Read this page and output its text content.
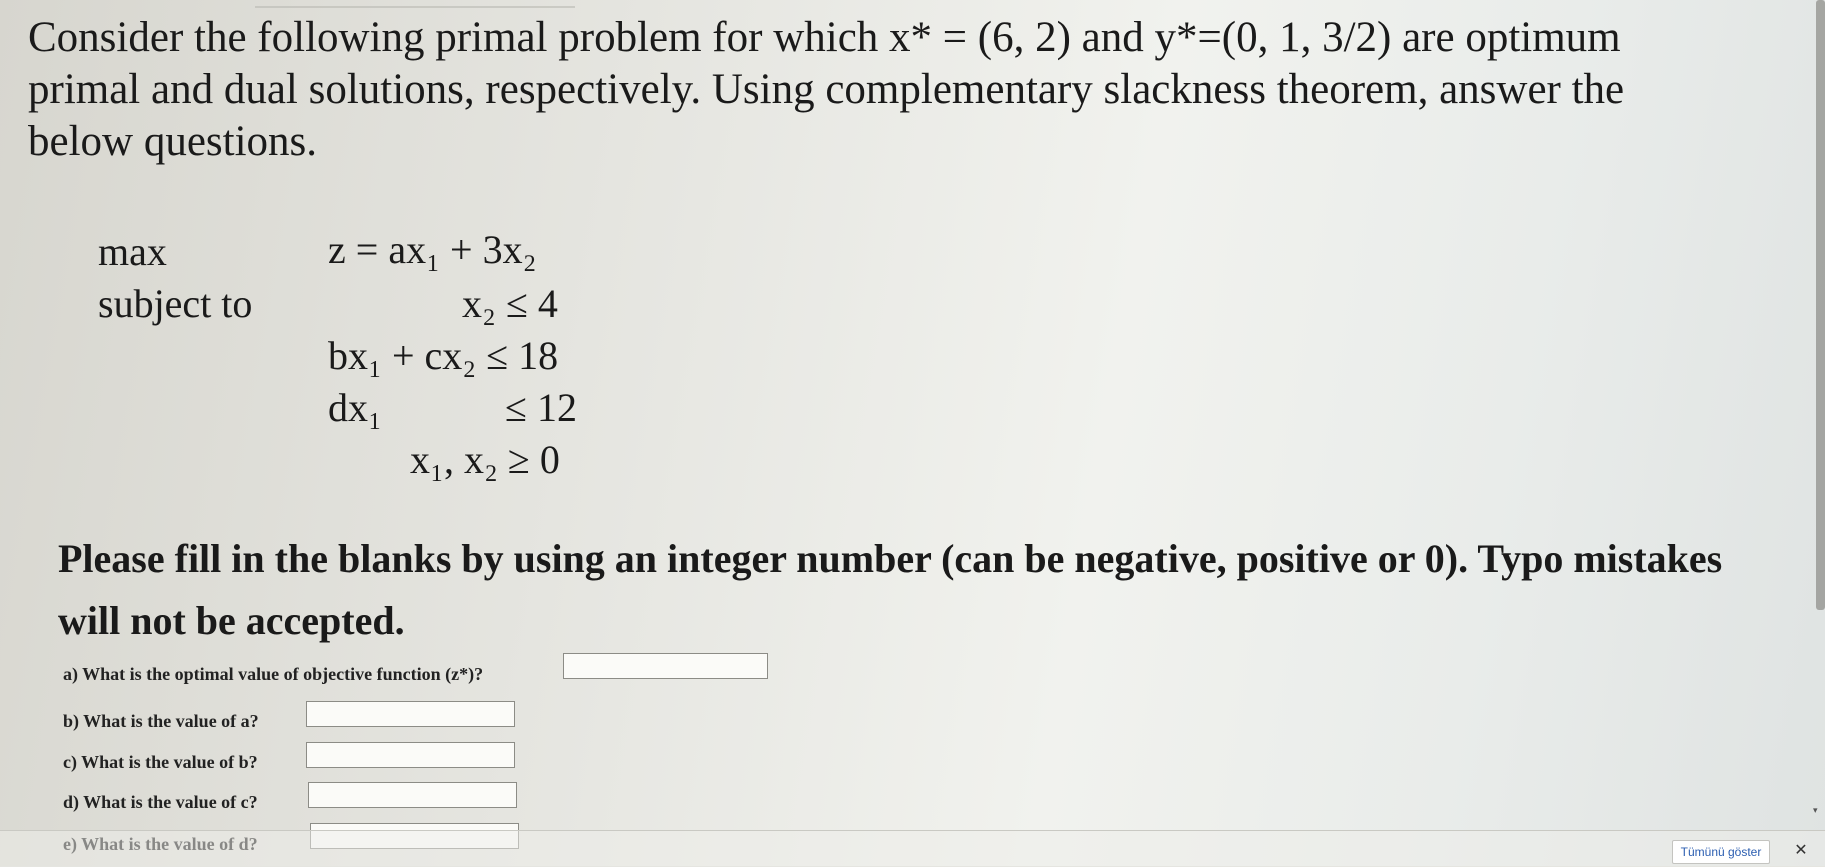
Consider the following primal problem for which x* = (6, 2) and y*=(0, 1, 3/2) are optimum primal and dual solutions, respectively. Using complementary slackness theorem, answer the below questions.

max
subject to
z = ax₁ + 3x₂
x₂ ≤ 4
bx₁ + cx₂ ≤ 18
dx₁	≤ 12
x₁, x₂ ≥ 0

Please fill in the blanks by using an integer number (can be negative, positive or 0). Typo mistakes will not be accepted.

a) What is the optimal value of objective function (z*)?
b) What is the value of a?
c) What is the value of b?
d) What is the value of c?
Tümünü göster	✕
▾
